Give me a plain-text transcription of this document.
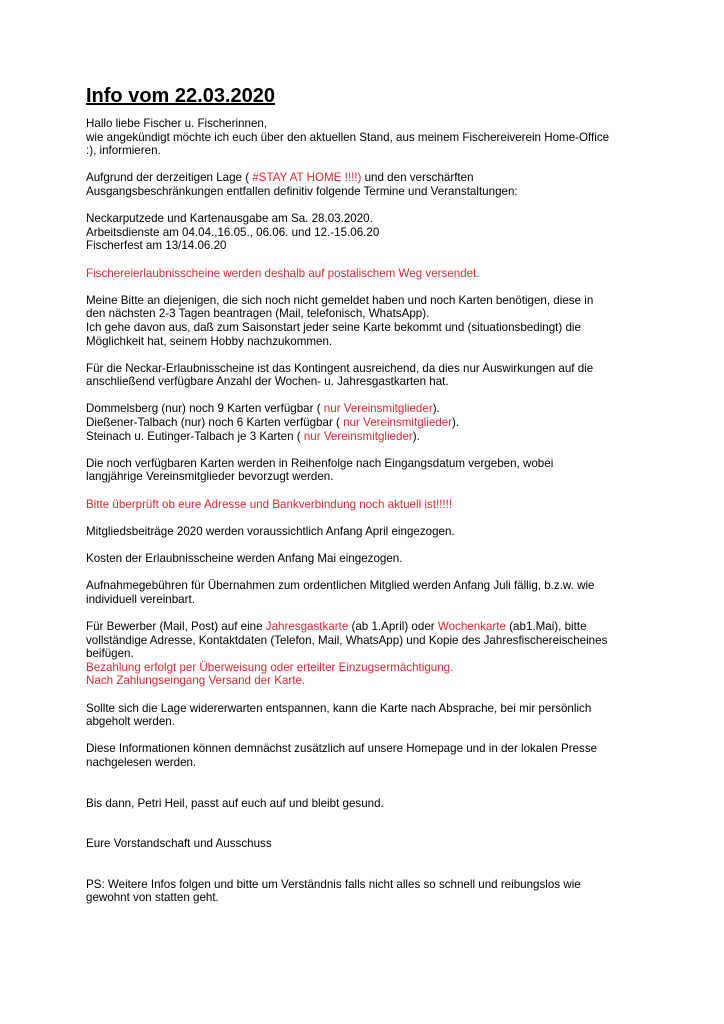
Info vom 22.03.2020

Hallo liebe Fischer u. Fischerinnen,

wie angekündigt möchte ich euch über den aktuellen Stand, aus meinem Fischereiverein Home-Office

:), informieren.

Aufgrund der derzeitigen Lage ( #STAY AT HOME !!!!) und den verschärften

Ausgangsbeschränkungen entfallen definitiv folgende Termine und Veranstaltungen:

Neckarputzede und Kartenausgabe am Sa. 28.03.2020.

Arbeitsdienste am 04.04.,16.05., 06.06. und 12.-15.06.20

Fischerfest am 13/14.06.20

Fischereierlaubnisscheine werden deshalb auf postalischem Weg versendet.

Meine Bitte an diejenigen, die sich noch nicht gemeldet haben und noch Karten benötigen, diese in

den nächsten 2-3 Tagen beantragen (Mail, telefonisch, WhatsApp).

Ich gehe davon aus, daß zum Saisonstart jeder seine Karte bekommt und (situationsbedingt) die

Möglichkeit hat, seinem Hobby nachzukommen.

Für die Neckar-Erlaubnisscheine ist das Kontingent ausreichend, da dies nur Auswirkungen auf die

anschließend verfügbare Anzahl der Wochen- u. Jahresgastkarten hat.

Dommelsberg (nur) noch 9 Karten verfügbar ( nur Vereinsmitglieder).

Dießener-Talbach (nur) noch 6 Karten verfügbar ( nur Vereinsmitglieder).

Steinach u. Eutinger-Talbach je 3 Karten ( nur Vereinsmitglieder).

Die noch verfügbaren Karten werden in Reihenfolge nach Eingangsdatum vergeben, wobei

langjährige Vereinsmitglieder bevorzugt werden.

Bitte überprüft ob eure Adresse und Bankverbindung noch aktuell ist!!!!!

Mitgliedsbeiträge 2020 werden voraussichtlich Anfang April eingezogen.

Kosten der Erlaubnisscheine werden Anfang Mai eingezogen.

Aufnahmegebühren für Übernahmen zum ordentlichen Mitglied werden Anfang Juli fällig, b.z.w. wie

individuell vereinbart.

Für Bewerber (Mail, Post) auf eine Jahresgastkarte (ab 1.April) oder Wochenkarte (ab1.Mai), bitte

vollständige Adresse, Kontaktdaten (Telefon, Mail, WhatsApp) und Kopie des Jahresfischereischeines

beifügen.

Bezahlung erfolgt per Überweisung oder erteilter Einzugsermächtigung.

Nach Zahlungseingang Versand der Karte.

Sollte sich die Lage widererwarten entspannen, kann die Karte nach Absprache, bei mir persönlich

abgeholt werden.

Diese Informationen können demnächst zusätzlich auf unsere Homepage und in der lokalen Presse

nachgelesen werden.

Bis dann, Petri Heil, passt auf euch auf und bleibt gesund.

Eure Vorstandschaft und Ausschuss

PS: Weitere Infos folgen und bitte um Verständnis falls nicht alles so schnell und reibungslos wie

gewohnt von statten geht.
